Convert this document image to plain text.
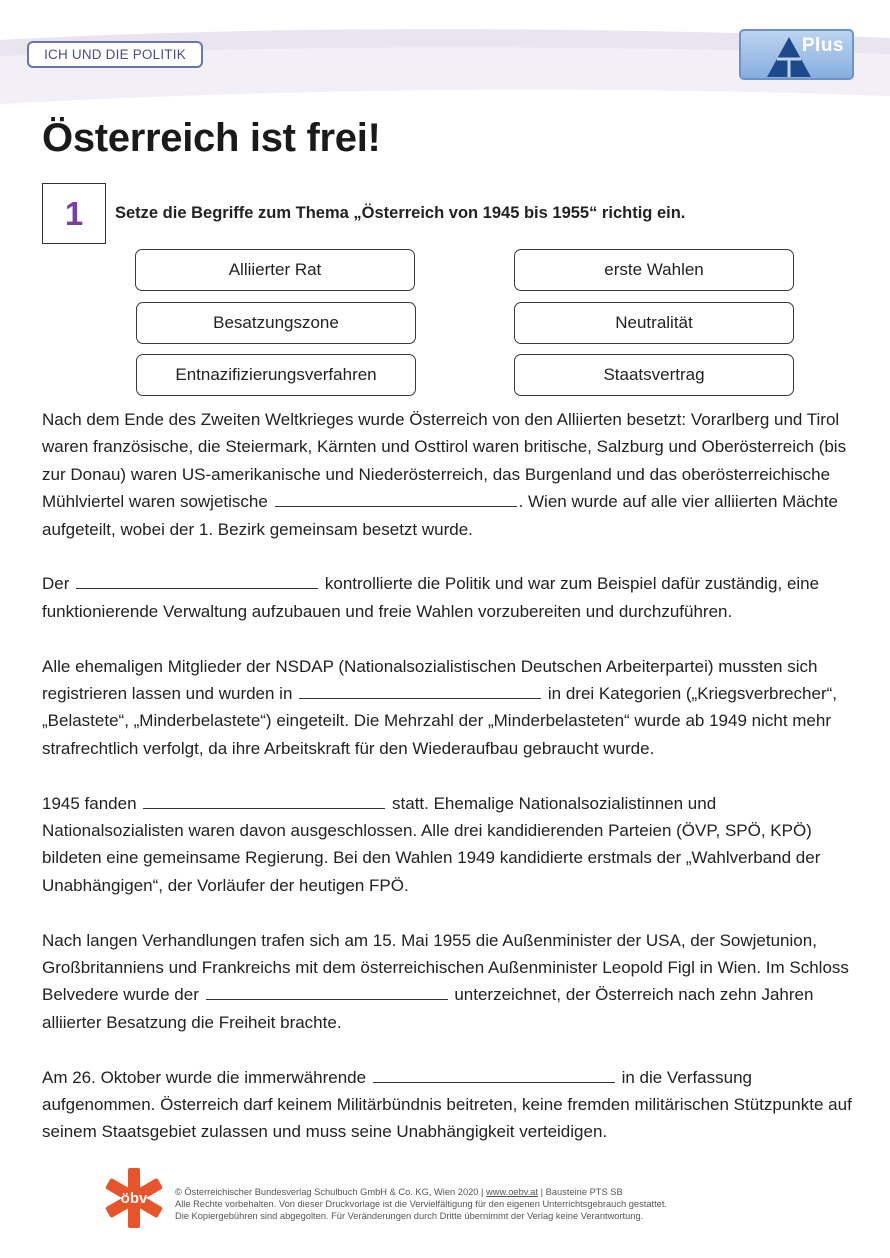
ICH UND DIE POLITIK	Plus
Österreich ist frei!
1	Setze die Begriffe zum Thema „Österreich von 1945 bis 1955“ richtig ein.
Alliierter Rat	erste Wahlen
Besatzungszone	Neutralität
Entnazifizierungsverfahren	Staatsvertrag

Nach dem Ende des Zweiten Weltkrieges wurde Österreich von den Alliierten besetzt: Vorarlberg und Tirol waren französische, die Steiermark, Kärnten und Osttirol waren britische, Salzburg und Oberösterreich (bis zur Donau) waren US-amerikanische und Niederösterreich, das Burgenland und das oberösterreichische Mühlviertel waren sowjetische	. Wien wurde auf alle vier alliierten Mächte aufgeteilt, wobei der 1. Bezirk gemeinsam besetzt wurde.

Der	kontrollierte die Politik und war zum Beispiel dafür zuständig, eine funktionierende Verwaltung aufzubauen und freie Wahlen vorzubereiten und durchzuführen.

Alle ehemaligen Mitglieder der NSDAP (Nationalsozialistischen Deutschen Arbeiterpartei) mussten sich registrieren lassen und wurden in	in drei Kategorien („Kriegsverbrecher“, „Belastete“, „Minderbelastete“) eingeteilt. Die Mehrzahl der „Minderbelasteten“ wurde ab 1949 nicht mehr strafrechtlich verfolgt, da ihre Arbeitskraft für den Wiederaufbau gebraucht wurde.

1945 fanden	statt. Ehemalige Nationalsozialistinnen und Nationalsozialisten waren davon ausgeschlossen. Alle drei kandidierenden Parteien (ÖVP, SPÖ, KPÖ) bildeten eine gemeinsame Regierung. Bei den Wahlen 1949 kandidierte erstmals der „Wahlverband der Unabhängigen“, der Vorläufer der heutigen FPÖ.

Nach langen Verhandlungen trafen sich am 15. Mai 1955 die Außenminister der USA, der Sowjetunion, Großbritanniens und Frankreichs mit dem österreichischen Außenminister Leopold Figl in Wien. Im Schloss Belvedere wurde der	unterzeichnet, der Österreich nach zehn Jahren alliierter Besatzung die Freiheit brachte.

Am 26. Oktober wurde die immerwährende	in die Verfassung aufgenommen. Österreich darf keinem Militärbündnis beitreten, keine fremden militärischen Stützpunkte auf seinem Staatsgebiet zulassen und muss seine Unabhängigkeit verteidigen.

öbv	© Österreichischer Bundesverlag Schulbuch GmbH & Co. KG, Wien 2020 | www.oebv.at | Bausteine PTS SB
Alle Rechte vorbehalten. Von dieser Druckvorlage ist die Vervielfältigung für den eigenen Unterrichtsgebrauch gestattet.
Die Kopiergebühren sind abgegolten. Für Veränderungen durch Dritte übernimmt der Verlag keine Verantwortung.
